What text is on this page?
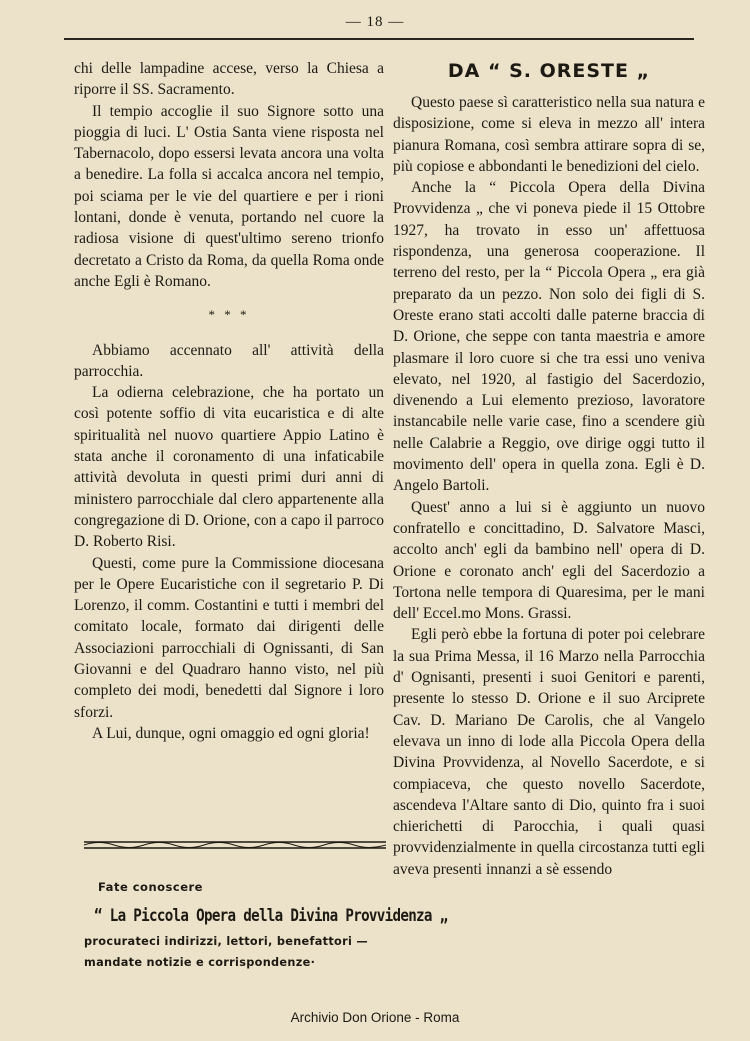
— 18 —

chi delle lampadine accese, verso la Chiesa a riporre il SS. Sacramento.

Il tempio accoglie il suo Signore sotto una pioggia di luci. L' Ostia Santa viene risposta nel Tabernacolo, dopo essersi levata ancora una volta a benedire. La folla si accalca ancora nel tempio, poi sciama per le vie del quartiere e per i rioni lontani, donde è venuta, portando nel cuore la radiosa visione di quest'ultimo sereno trionfo decretato a Cristo da Roma, da quella Roma onde anche Egli è Romano.

* * *

Abbiamo accennato all' attività della parrocchia.

La odierna celebrazione, che ha portato un così potente soffio di vita eucaristica e di alte spiritualità nel nuovo quartiere Appio Latino è stata anche il coronamento di una infaticabile attività devoluta in questi primi duri anni di ministero parrocchiale dal clero appartenente alla congregazione di D. Orione, con a capo il parroco D. Roberto Risi.

Questi, come pure la Commissione diocesana per le Opere Eucaristiche con il segretario P. Di Lorenzo, il comm. Costantini e tutti i membri del comitato locale, formato dai dirigenti delle Associazioni parrocchiali di Ognissanti, di San Giovanni e del Quadraro hanno visto, nel più completo dei modi, benedetti dal Signore i loro sforzi.

A Lui, dunque, ogni omaggio ed ogni gloria!

Fate conoscere
“ La Piccola Opera della Divina Provvidenza „
procurateci indirizzi, lettori, benefattori —
mandate notizie e corrispondenze·
DA “ S. ORESTE „

Questo paese sì caratteristico nella sua natura e disposizione, come si eleva in mezzo all' intera pianura Romana, così sembra attirare sopra di se, più copiose e abbondanti le benedizioni del cielo.

Anche la “ Piccola Opera della Divina Provvidenza „ che vi poneva piede il 15 Ottobre 1927, ha trovato in esso un' affettuosa rispondenza, una generosa cooperazione. Il terreno del resto, per la “ Piccola Opera „ era già preparato da un pezzo. Non solo dei figli di S. Oreste erano stati accolti dalle paterne braccia di D. Orione, che seppe con tanta maestria e amore plasmare il loro cuore si che tra essi uno veniva elevato, nel 1920, al fastigio del Sacerdozio, divenendo a Lui elemento prezioso, lavoratore instancabile nelle varie case, fino a scendere giù nelle Calabrie a Reggio, ove dirige oggi tutto il movimento dell' opera in quella zona. Egli è D. Angelo Bartoli.

Quest' anno a lui si è aggiunto un nuovo confratello e concittadino, D. Salvatore Masci, accolto anch' egli da bambino nell' opera di D. Orione e coronato anch' egli del Sacerdozio a Tortona nelle tempora di Quaresima, per le mani dell' Eccel.mo Mons. Grassi.

Egli però ebbe la fortuna di poter poi celebrare la sua Prima Messa, il 16 Marzo nella Parrocchia d' Ognisanti, presenti i suoi Genitori e parenti, presente lo stesso D. Orione e il suo Arciprete Cav. D. Mariano De Carolis, che al Vangelo elevava un inno di lode alla Piccola Opera della Divina Provvidenza, al Novello Sacerdote, e si compiaceva, che questo novello Sacerdote, ascendeva l'Altare santo di Dio, quinto fra i suoi chierichetti di Parocchia, i quali quasi provvidenzialmente in quella circostanza tutti egli aveva presenti innanzi a sè essendo

Archivio Don Orione - Roma
